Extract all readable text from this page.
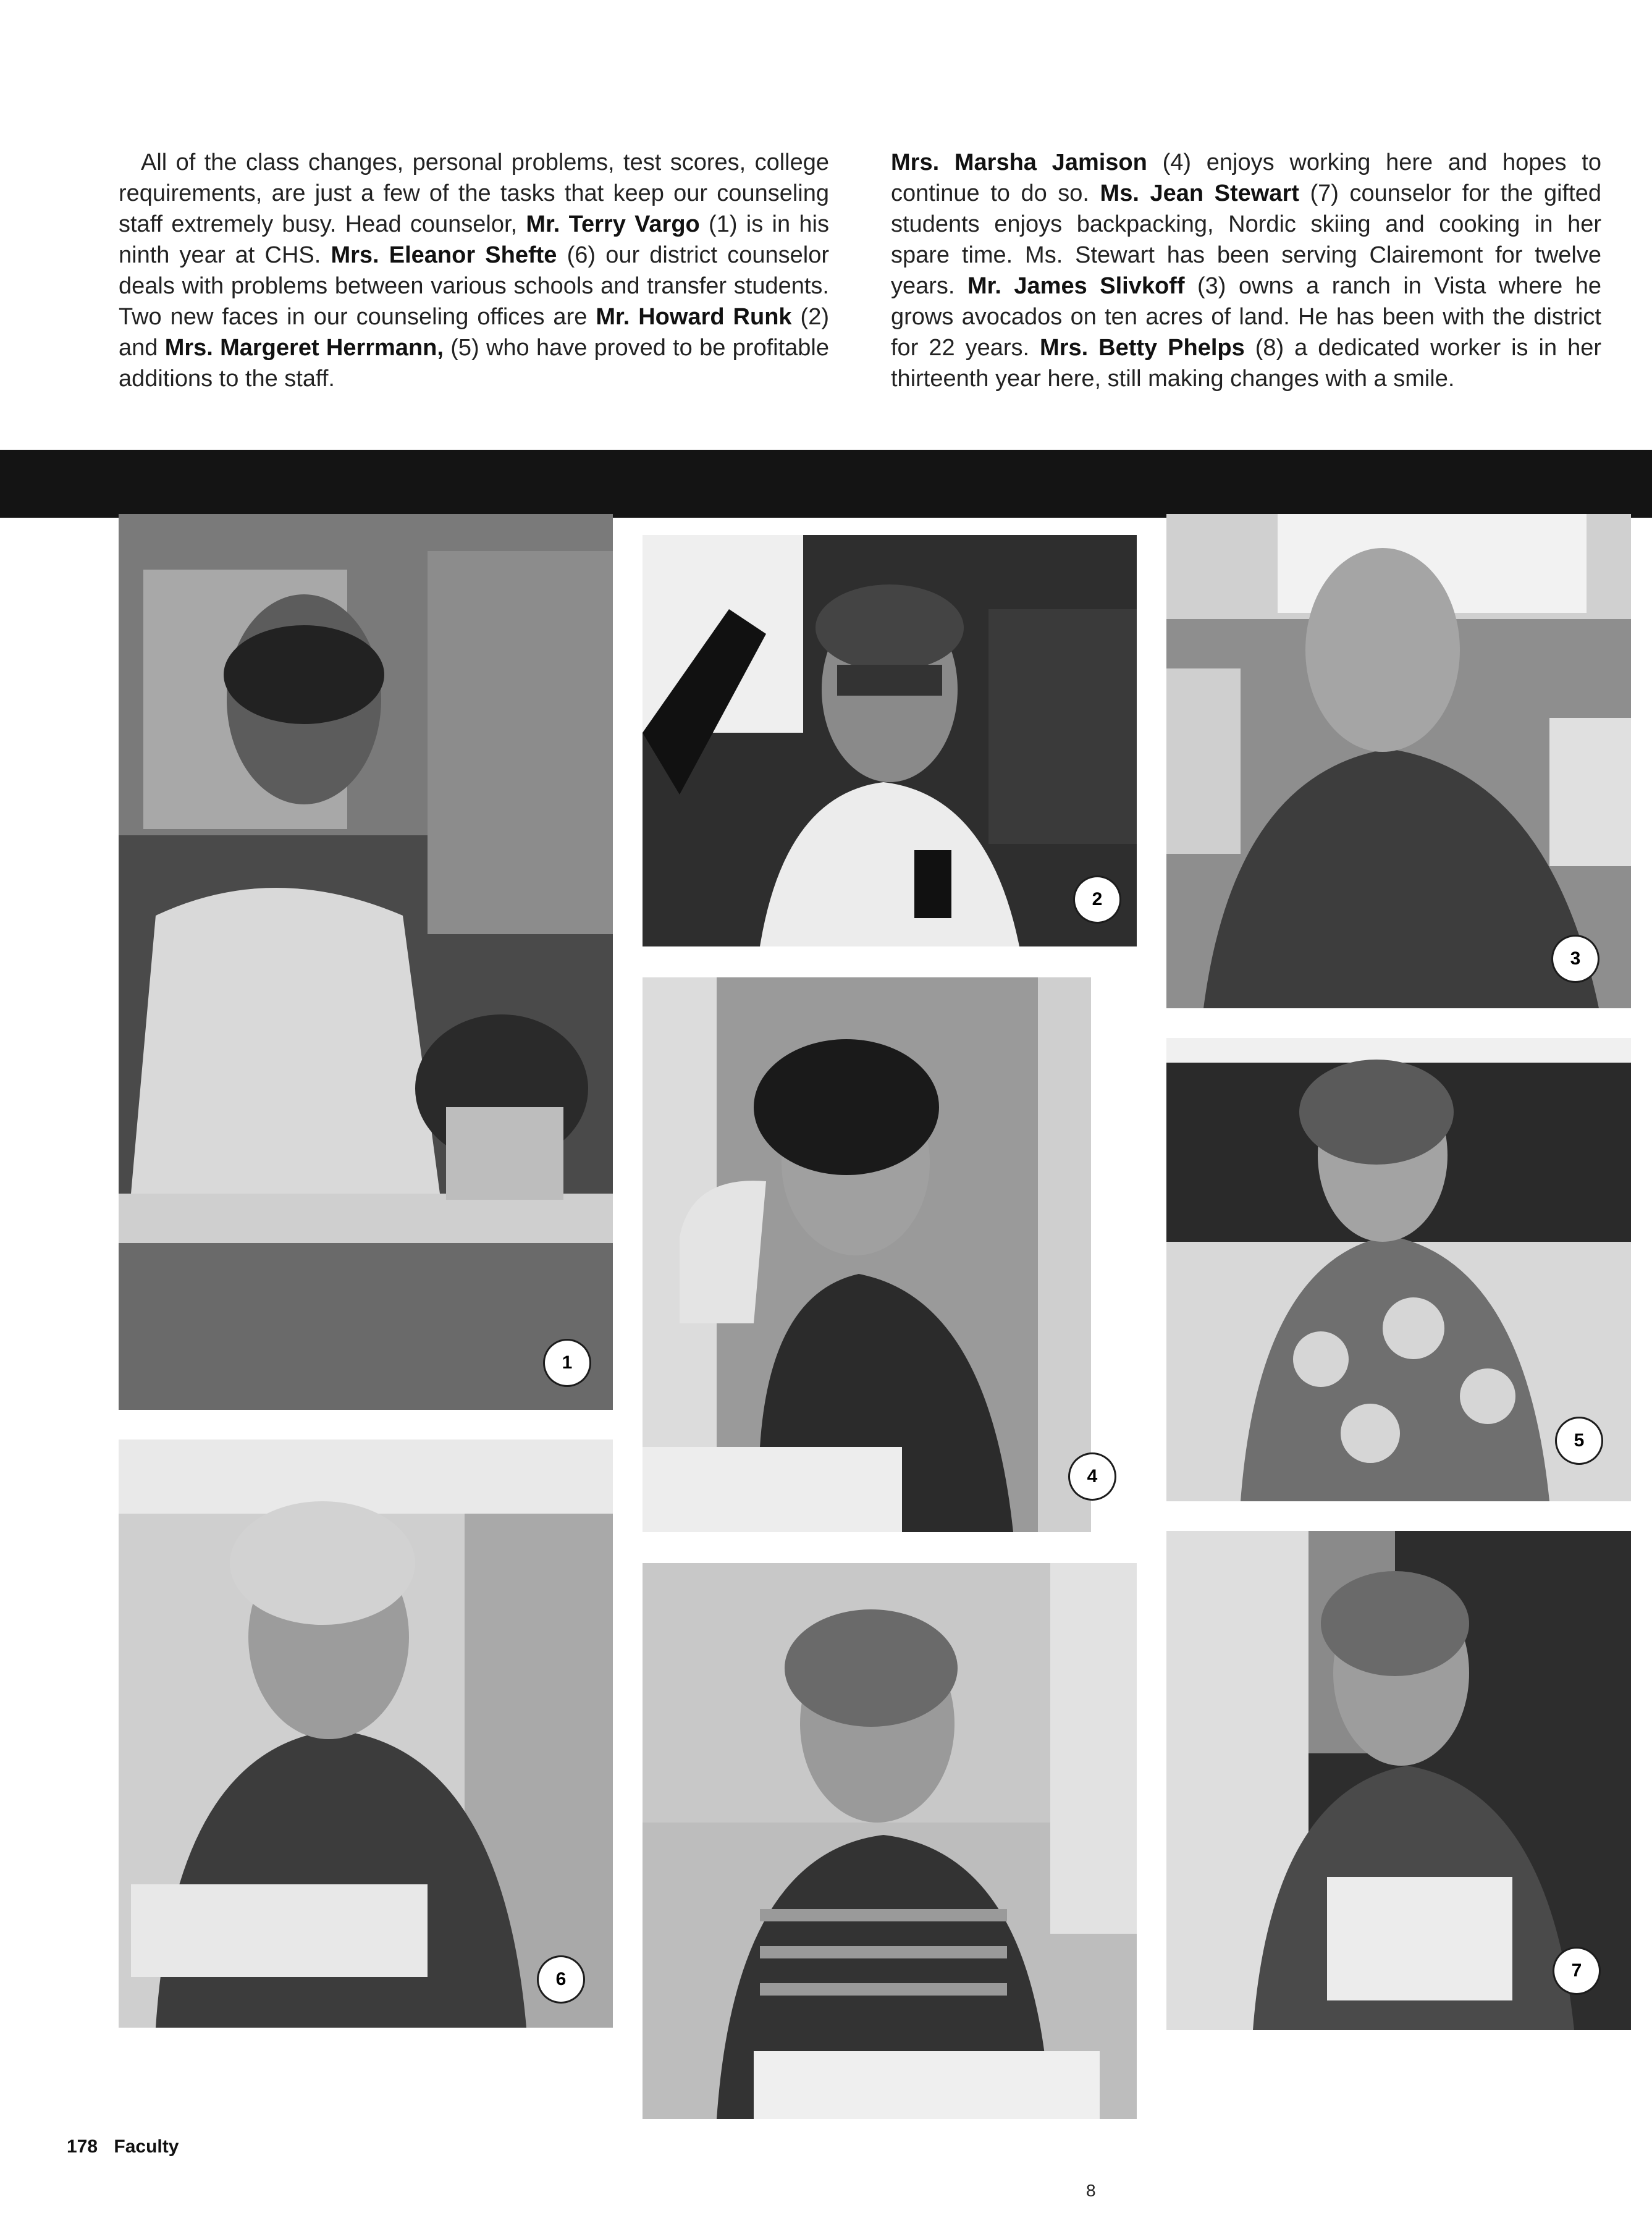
All of the class changes, personal problems, test scores, college requirements, are just a few of the tasks that keep our counseling staff extremely busy. Head counselor, Mr. Terry Vargo (1) is in his ninth year at CHS. Mrs. Eleanor Shefte (6) our district counselor deals with problems between various schools and transfer students. Two new faces in our counseling offices are Mr. Howard Runk (2) and Mrs. Margeret Herrmann, (5) who have proved to be profitable additions to the staff.
Mrs. Marsha Jamison (4) enjoys working here and hopes to continue to do so. Ms. Jean Stewart (7) counselor for the gifted students enjoys backpacking, Nordic skiing and cooking in her spare time. Ms. Stewart has been serving Clairemont for twelve years. Mr. James Slivkoff (3) owns a ranch in Vista where he grows avocados on ten acres of land. He has been with the district for 22 years. Mrs. Betty Phelps (8) a dedicated worker is in her thirteenth year here, still making changes with a smile.
1
2
3
4
5
6	7
178 Faculty
8
